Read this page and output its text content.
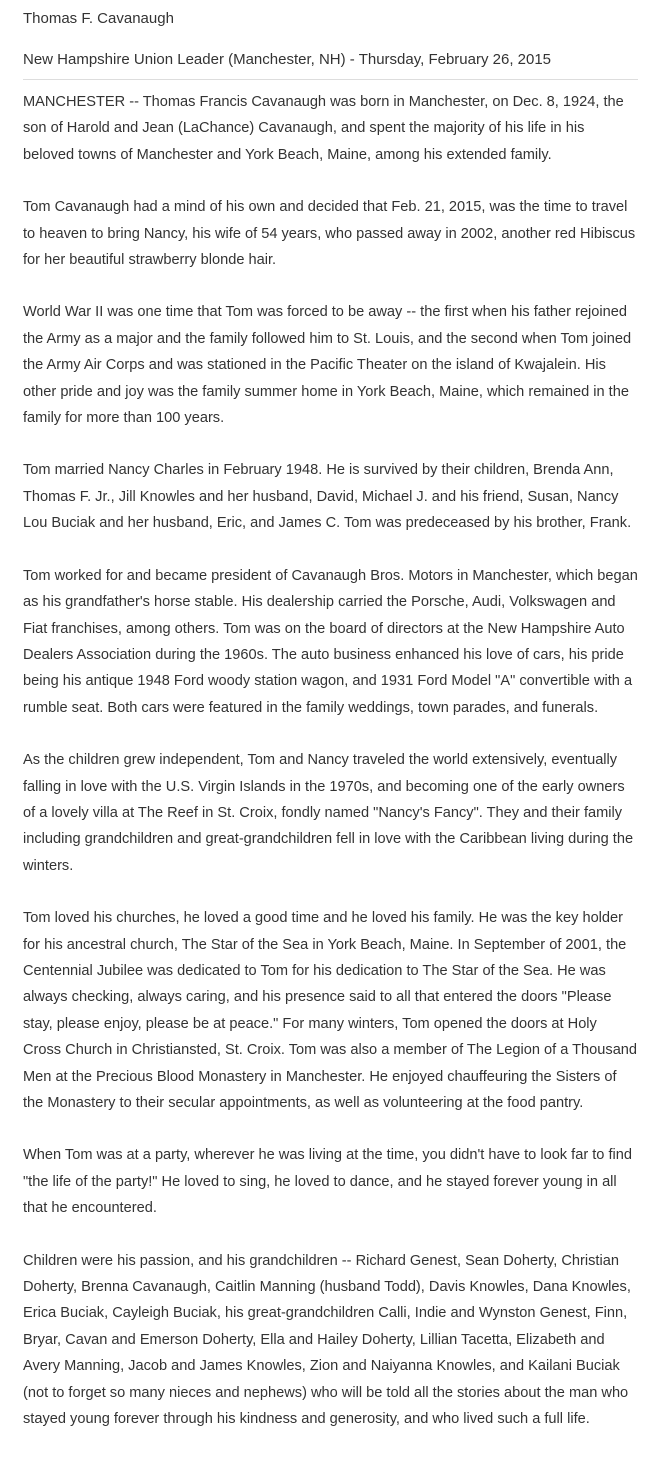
Thomas F. Cavanaugh
New Hampshire Union Leader (Manchester, NH) - Thursday, February 26, 2015

MANCHESTER -- Thomas Francis Cavanaugh was born in Manchester, on Dec. 8, 1924, the son of Harold and Jean (LaChance) Cavanaugh, and spent the majority of his life in his beloved towns of Manchester and York Beach, Maine, among his extended family.

Tom Cavanaugh had a mind of his own and decided that Feb. 21, 2015, was the time to travel to heaven to bring Nancy, his wife of 54 years, who passed away in 2002, another red Hibiscus for her beautiful strawberry blonde hair.

World War II was one time that Tom was forced to be away -- the first when his father rejoined the Army as a major and the family followed him to St. Louis, and the second when Tom joined the Army Air Corps and was stationed in the Pacific Theater on the island of Kwajalein. His other pride and joy was the family summer home in York Beach, Maine, which remained in the family for more than 100 years.

Tom married Nancy Charles in February 1948. He is survived by their children, Brenda Ann, Thomas F. Jr., Jill Knowles and her husband, David, Michael J. and his friend, Susan, Nancy Lou Buciak and her husband, Eric, and James C. Tom was predeceased by his brother, Frank.

Tom worked for and became president of Cavanaugh Bros. Motors in Manchester, which began as his grandfather's horse stable. His dealership carried the Porsche, Audi, Volkswagen and Fiat franchises, among others. Tom was on the board of directors at the New Hampshire Auto Dealers Association during the 1960s. The auto business enhanced his love of cars, his pride being his antique 1948 Ford woody station wagon, and 1931 Ford Model "A" convertible with a rumble seat. Both cars were featured in the family weddings, town parades, and funerals.

As the children grew independent, Tom and Nancy traveled the world extensively, eventually falling in love with the U.S. Virgin Islands in the 1970s, and becoming one of the early owners of a lovely villa at The Reef in St. Croix, fondly named "Nancy's Fancy". They and their family including grandchildren and great-grandchildren fell in love with the Caribbean living during the winters.

Tom loved his churches, he loved a good time and he loved his family. He was the key holder for his ancestral church, The Star of the Sea in York Beach, Maine. In September of 2001, the Centennial Jubilee was dedicated to Tom for his dedication to The Star of the Sea. He was always checking, always caring, and his presence said to all that entered the doors "Please stay, please enjoy, please be at peace." For many winters, Tom opened the doors at Holy Cross Church in Christiansted, St. Croix. Tom was also a member of The Legion of a Thousand Men at the Precious Blood Monastery in Manchester. He enjoyed chauffeuring the Sisters of the Monastery to their secular appointments, as well as volunteering at the food pantry.

When Tom was at a party, wherever he was living at the time, you didn't have to look far to find "the life of the party!" He loved to sing, he loved to dance, and he stayed forever young in all that he encountered.

Children were his passion, and his grandchildren -- Richard Genest, Sean Doherty, Christian Doherty, Brenna Cavanaugh, Caitlin Manning (husband Todd), Davis Knowles, Dana Knowles, Erica Buciak, Cayleigh Buciak, his great-grandchildren Calli, Indie and Wynston Genest, Finn, Bryar, Cavan and Emerson Doherty, Ella and Hailey Doherty, Lillian Tacetta, Elizabeth and Avery Manning, Jacob and James Knowles, Zion and Naiyanna Knowles, and Kailani Buciak (not to forget so many nieces and nephews) who will be told all the stories about the man who stayed young forever through his kindness and generosity, and who lived such a full life.
